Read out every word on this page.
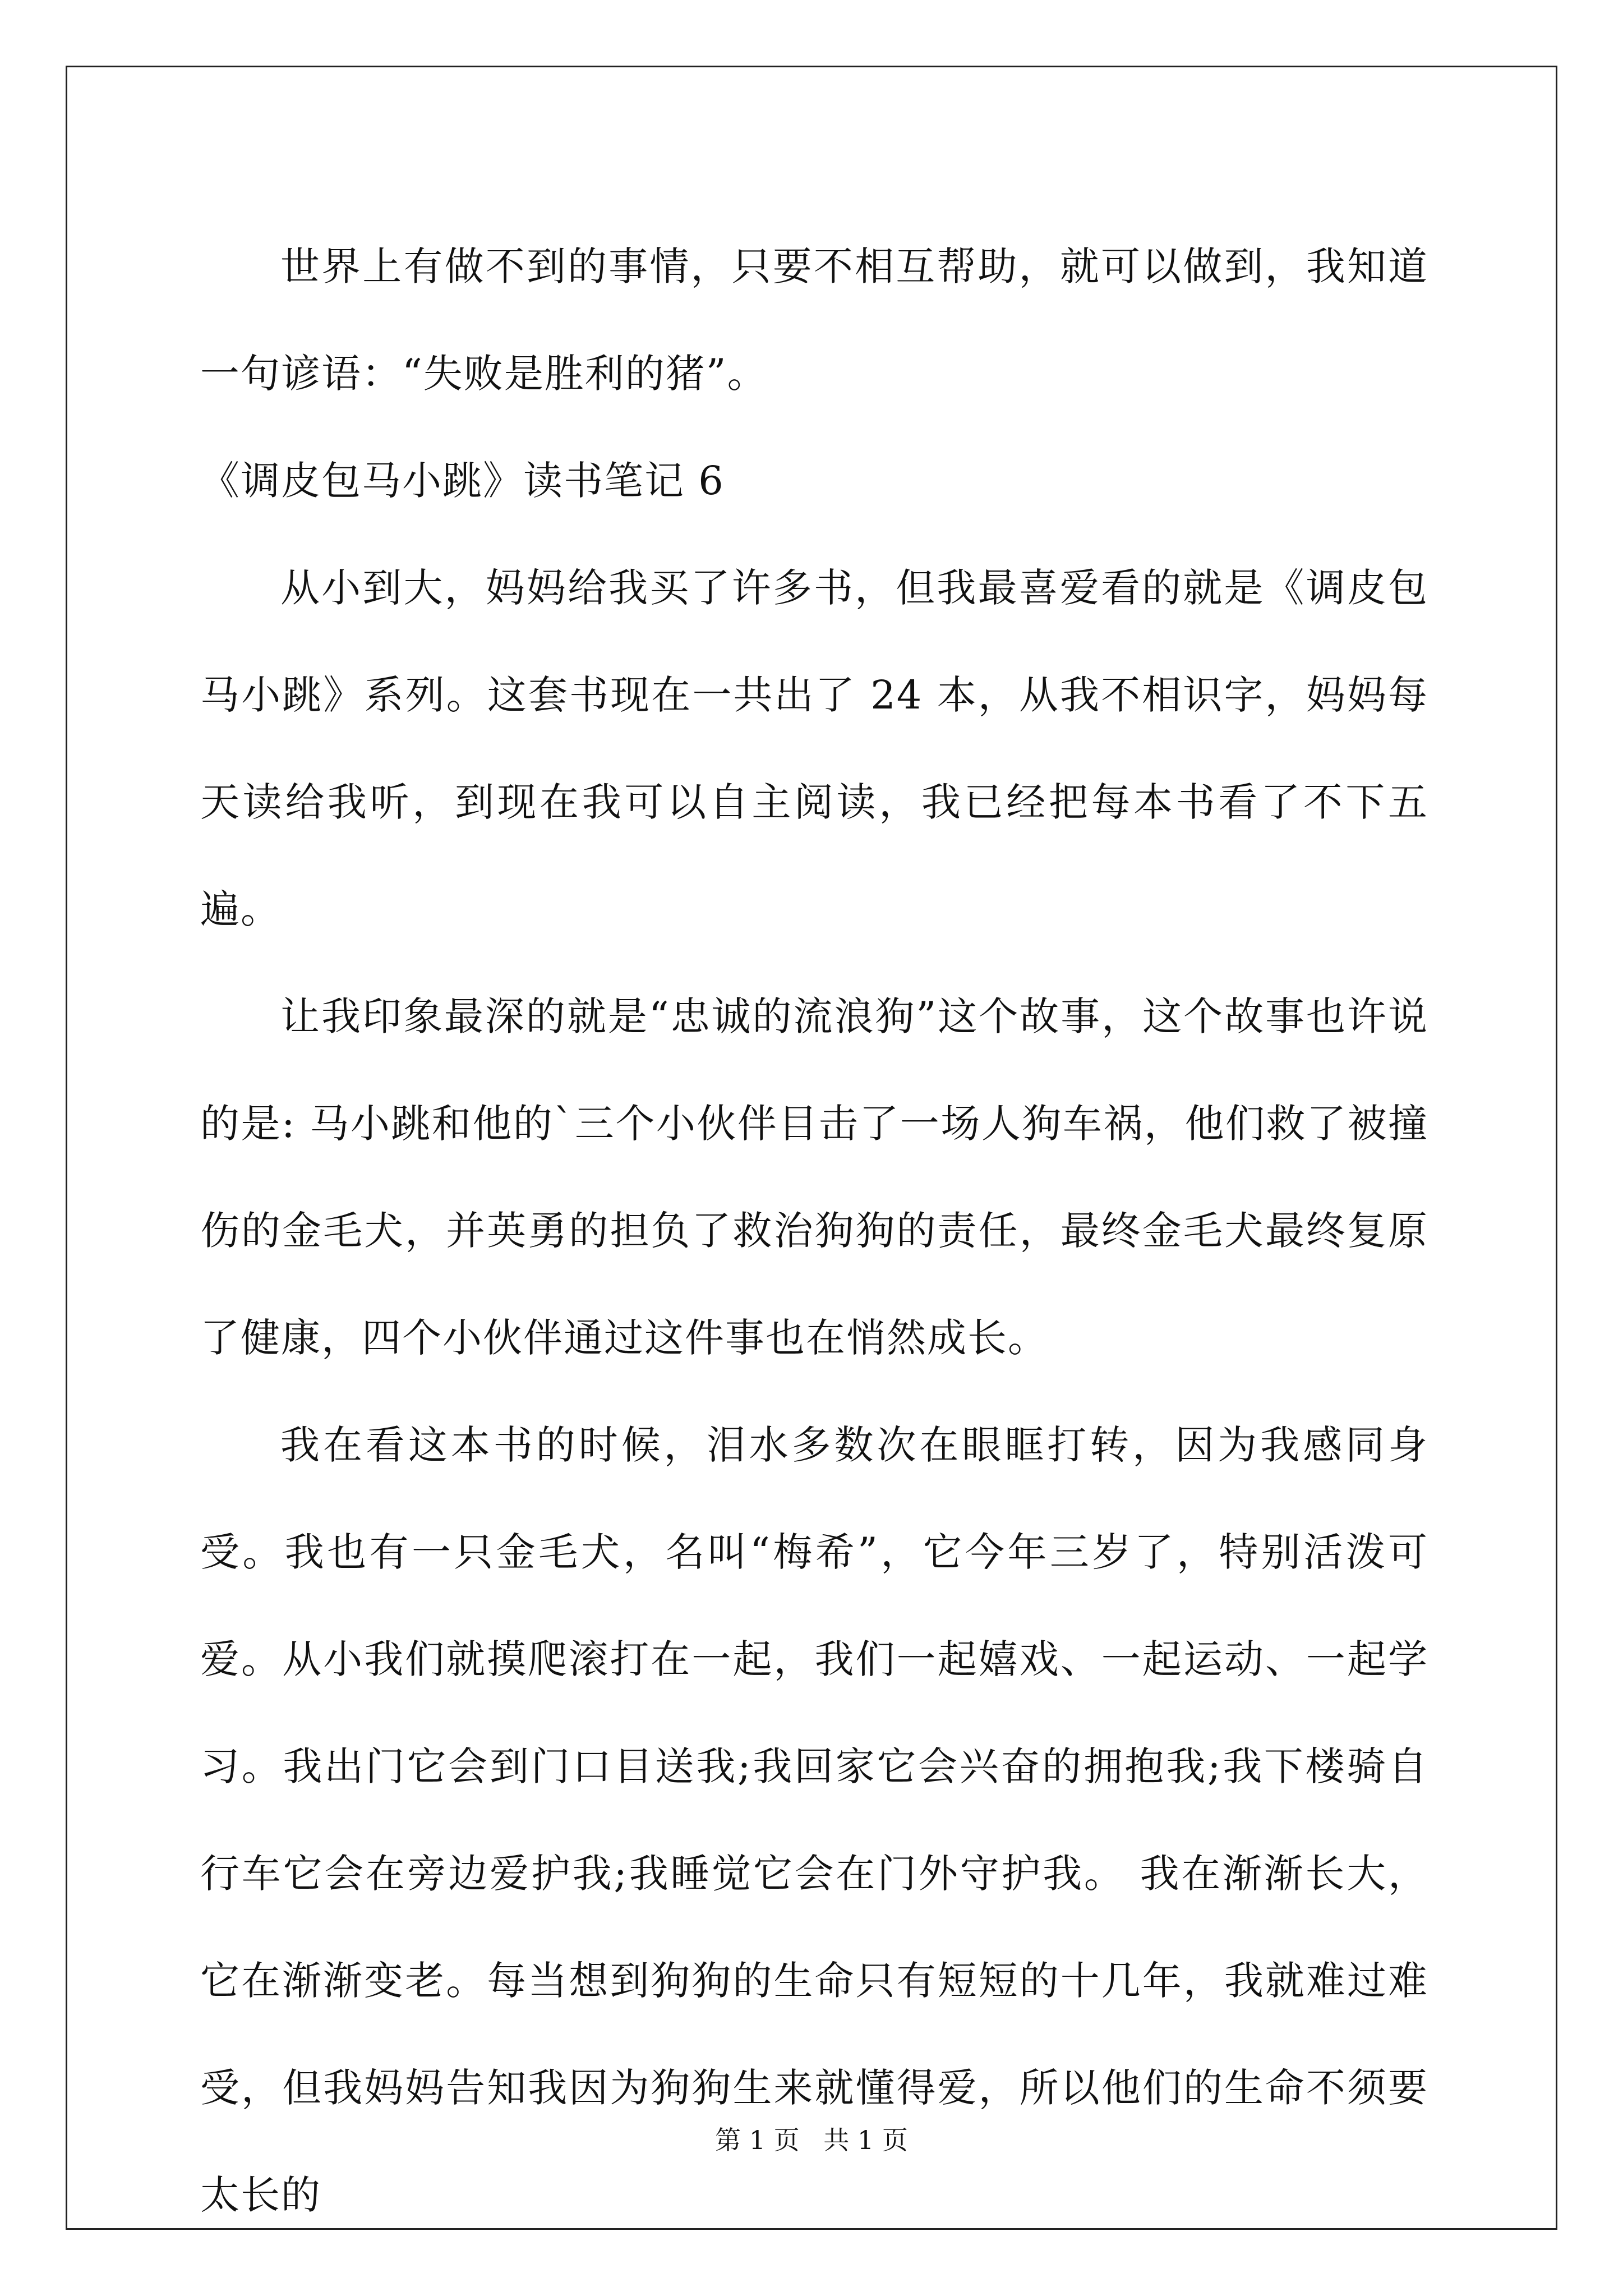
世界上有做不到的事情，只要不相互帮助，就可以做到，我知道一句谚语：“失败是胜利的猪”。

《调皮包马小跳》读书笔记 6

从小到大，妈妈给我买了许多书，但我最喜爱看的就是《调皮包马小跳》系列。这套书现在一共出了 24 本，从我不相识字，妈妈每天读给我听，到现在我可以自主阅读，我已经把每本书看了不下五遍。

让我印象最深的就是“忠诚的流浪狗”这个故事，这个故事也许说的是: 马小跳和他的`三个小伙伴目击了一场人狗车祸，他们救了被撞伤的金毛犬，并英勇的担负了救治狗狗的责任，最终金毛犬最终复原了健康，四个小伙伴通过这件事也在悄然成长。

我在看这本书的时候，泪水多数次在眼眶打转，因为我感同身受。我也有一只金毛犬，名叫“梅希”，它今年三岁了，特别活泼可爱。从小我们就摸爬滚打在一起，我们一起嬉戏、一起运动、一起学习。我出门它会到门口目送我;我回家它会兴奋的拥抱我;我下楼骑自行车它会在旁边爱护我;我睡觉它会在门外守护我。 我在渐渐长大，它在渐渐变老。每当想到狗狗的生命只有短短的十几年，我就难过难受，但我妈妈告知我因为狗狗生来就懂得爱，所以他们的生命不须要太长的

第 1 页 共 1 页
